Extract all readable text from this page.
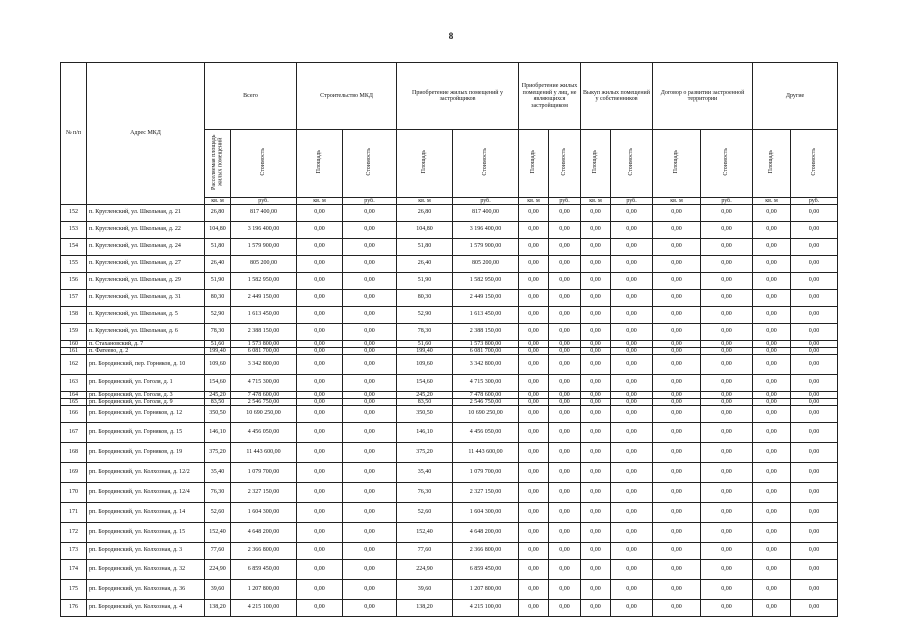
8
№ п/п	Адрес МКД	Всего		Строительство МКД		Приобретение жилых помещений у застройщиков		Приобретение жилых помещений у лиц, не являющихся застройщиком		Выкуп жилых помещений у собственников		Договор о развитии застроенной территории		Другие	
		Расселяемая площадь жилых помещений	Стоимость	Площадь	Стоимость	Площадь	Стоимость	Площадь	Стоимость	Площадь	Стоимость	Площадь	Стоимость	Площадь	Стоимость
		кв. м	руб.	кв. м	руб.	кв. м	руб.	кв. м	руб.	кв. м	руб.	кв. м	руб.	кв. м	руб.
152	п. Кругленский, ул. Школьная, д. 21	26,80	817 400,00	0,00	0,00	26,80	817 400,00	0,00	0,00	0,00	0,00	0,00	0,00	0,00	0,00
153	п. Кругленский, ул. Школьная, д. 22	104,80	3 196 400,00	0,00	0,00	104,80	3 196 400,00	0,00	0,00	0,00	0,00	0,00	0,00	0,00	0,00
154	п. Кругленский, ул. Школьная, д. 24	51,80	1 579 900,00	0,00	0,00	51,80	1 579 900,00	0,00	0,00	0,00	0,00	0,00	0,00	0,00	0,00
155	п. Кругленский, ул. Школьная, д. 27	26,40	805 200,00	0,00	0,00	26,40	805 200,00	0,00	0,00	0,00	0,00	0,00	0,00	0,00	0,00
156	п. Кругленский, ул. Школьная, д. 29	51,90	1 582 950,00	0,00	0,00	51,90	1 582 950,00	0,00	0,00	0,00	0,00	0,00	0,00	0,00	0,00
157	п. Кругленский, ул. Школьная, д. 31	80,30	2 449 150,00	0,00	0,00	80,30	2 449 150,00	0,00	0,00	0,00	0,00	0,00	0,00	0,00	0,00
158	п. Кругленский, ул. Школьная, д. 5	52,90	1 613 450,00	0,00	0,00	52,90	1 613 450,00	0,00	0,00	0,00	0,00	0,00	0,00	0,00	0,00
159	п. Кругленский, ул. Школьная, д. 6	78,30	2 388 150,00	0,00	0,00	78,30	2 388 150,00	0,00	0,00	0,00	0,00	0,00	0,00	0,00	0,00
160	п. Стахановский, д. 7	51,60	1 573 800,00	0,00	0,00	51,60	1 573 800,00	0,00	0,00	0,00	0,00	0,00	0,00	0,00	0,00
161	п. Фатеево, д. 2	199,40	6 081 700,00	0,00	0,00	199,40	6 081 700,00	0,00	0,00	0,00	0,00	0,00	0,00	0,00	0,00
162	рп. Бородинский, пер. Горняков, д. 10	109,60	3 342 800,00	0,00	0,00	109,60	3 342 800,00	0,00	0,00	0,00	0,00	0,00	0,00	0,00	0,00
163	рп. Бородинский, ул. Гоголя, д. 1	154,60	4 715 300,00	0,00	0,00	154,60	4 715 300,00	0,00	0,00	0,00	0,00	0,00	0,00	0,00	0,00
164	рп. Бородинский, ул. Гоголя, д. 3	245,20	7 478 600,00	0,00	0,00	245,20	7 478 600,00	0,00	0,00	0,00	0,00	0,00	0,00	0,00	0,00
165	рп. Бородинский, ул. Гоголя, д. 9	83,50	2 546 750,00	0,00	0,00	83,50	2 546 750,00	0,00	0,00	0,00	0,00	0,00	0,00	0,00	0,00
166	рп. Бородинский, ул. Горняков, д. 12	350,50	10 690 250,00	0,00	0,00	350,50	10 690 250,00	0,00	0,00	0,00	0,00	0,00	0,00	0,00	0,00
167	рп. Бородинский, ул. Горняков, д. 15	146,10	4 456 050,00	0,00	0,00	146,10	4 456 050,00	0,00	0,00	0,00	0,00	0,00	0,00	0,00	0,00
168	рп. Бородинский, ул. Горняков, д. 19	375,20	11 443 600,00	0,00	0,00	375,20	11 443 600,00	0,00	0,00	0,00	0,00	0,00	0,00	0,00	0,00
169	рп. Бородинский, ул. Колхозная, д. 12/2	35,40	1 079 700,00	0,00	0,00	35,40	1 079 700,00	0,00	0,00	0,00	0,00	0,00	0,00	0,00	0,00
170	рп. Бородинский, ул. Колхозная, д. 12/4	76,30	2 327 150,00	0,00	0,00	76,30	2 327 150,00	0,00	0,00	0,00	0,00	0,00	0,00	0,00	0,00
171	рп. Бородинский, ул. Колхозная, д. 14	52,60	1 604 300,00	0,00	0,00	52,60	1 604 300,00	0,00	0,00	0,00	0,00	0,00	0,00	0,00	0,00
172	рп. Бородинский, ул. Колхозная, д. 15	152,40	4 648 200,00	0,00	0,00	152,40	4 648 200,00	0,00	0,00	0,00	0,00	0,00	0,00	0,00	0,00
173	рп. Бородинский, ул. Колхозная, д. 3	77,60	2 366 800,00	0,00	0,00	77,60	2 366 800,00	0,00	0,00	0,00	0,00	0,00	0,00	0,00	0,00
174	рп. Бородинский, ул. Колхозная, д. 32	224,90	6 859 450,00	0,00	0,00	224,90	6 859 450,00	0,00	0,00	0,00	0,00	0,00	0,00	0,00	0,00
175	рп. Бородинский, ул. Колхозная, д. 36	39,60	1 207 800,00	0,00	0,00	39,60	1 207 800,00	0,00	0,00	0,00	0,00	0,00	0,00	0,00	0,00
176	рп. Бородинский, ул. Колхозная, д. 4	138,20	4 215 100,00	0,00	0,00	138,20	4 215 100,00	0,00	0,00	0,00	0,00	0,00	0,00	0,00	0,00
